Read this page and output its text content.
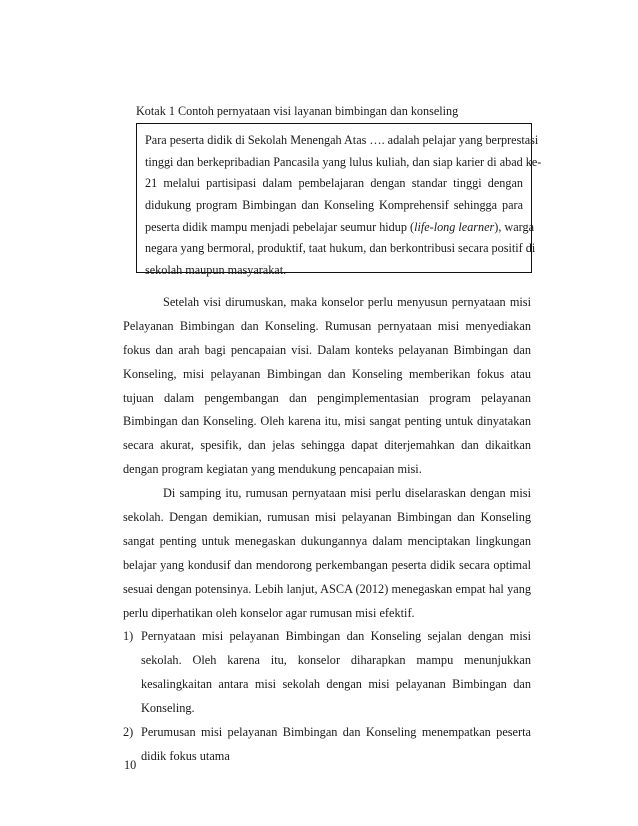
Kotak 1 Contoh pernyataan visi layanan bimbingan dan konseling
Para peserta didik di Sekolah Menengah Atas …. adalah pelajar yang berprestasi
tinggi dan berkepribadian Pancasila yang lulus kuliah, dan siap karier di abad ke-
21 melalui partisipasi dalam pembelajaran dengan standar tinggi dengan
didukung program Bimbingan dan Konseling Komprehensif sehingga para
peserta didik mampu menjadi pebelajar seumur hidup (life-long learner), warga
negara yang bermoral, produktif, taat hukum, dan berkontribusi secara positif di
sekolah maupun masyarakat.
Setelah visi dirumuskan, maka konselor perlu menyusun pernyataan misi
Pelayanan Bimbingan dan Konseling. Rumusan pernyataan misi menyediakan
fokus dan arah bagi pencapaian visi. Dalam konteks pelayanan Bimbingan dan
Konseling, misi pelayanan Bimbingan dan Konseling memberikan fokus atau
tujuan dalam pengembangan dan pengimplementasian program pelayanan
Bimbingan dan Konseling. Oleh karena itu, misi sangat penting untuk dinyatakan
secara akurat, spesifik, dan jelas sehingga dapat diterjemahkan dan dikaitkan
dengan program kegiatan yang mendukung pencapaian misi.
Di samping itu, rumusan pernyataan misi perlu diselaraskan dengan misi
sekolah. Dengan demikian, rumusan misi pelayanan Bimbingan dan Konseling
sangat penting untuk menegaskan dukungannya dalam menciptakan lingkungan
belajar yang kondusif dan mendorong perkembangan peserta didik secara optimal
sesuai dengan potensinya. Lebih lanjut, ASCA (2012) menegaskan empat hal yang
perlu diperhatikan oleh konselor agar rumusan misi efektif.
1) Pernyataan misi pelayanan Bimbingan dan Konseling sejalan dengan misi
sekolah. Oleh karena itu, konselor diharapkan mampu menunjukkan
kesalingkaitan antara misi sekolah dengan misi pelayanan Bimbingan dan
Konseling.
2) Perumusan misi pelayanan Bimbingan dan Konseling menempatkan peserta
didik fokus utama
10
